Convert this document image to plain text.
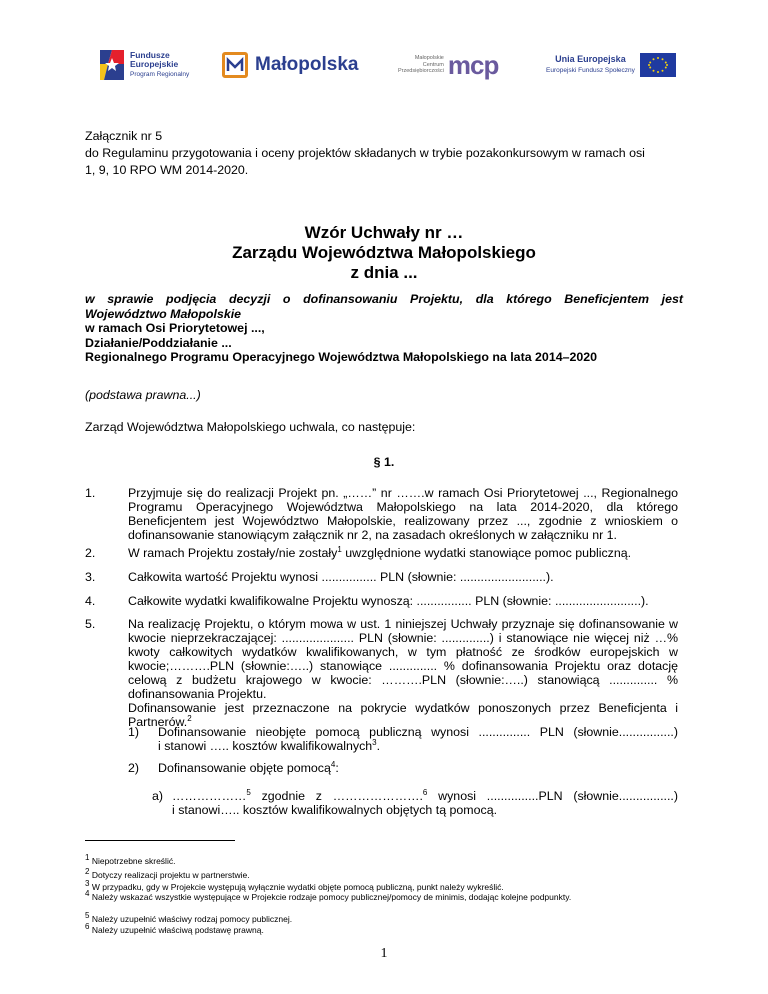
Fundusze
Europejskie
Program Regionalny	Małopolska	Małopolskie
Centrum
Przedsiębiorczości mcp	Unia Europejska
Europejski Fundusz Społeczny
Załącznik nr 5
do Regulaminu przygotowania i oceny projektów składanych w trybie pozakonkursowym w ramach osi
1, 9, 10 RPO WM 2014-2020.
Wzór Uchwały nr …
Zarządu Województwa Małopolskiego
z dnia ...
w sprawie podjęcia decyzji o dofinansowaniu Projektu, dla którego Beneficjentem jest
Województwo Małopolskie
w ramach Osi Priorytetowej ...,
Działanie/Poddziałanie ...
Regionalnego Programu Operacyjnego Województwa Małopolskiego na lata 2014–2020
(podstawa prawna...)
Zarząd Województwa Małopolskiego uchwala, co następuje:
§ 1.
1.	Przyjmuje się do realizacji Projekt pn. „……” nr …….w ramach Osi Priorytetowej ..., Regionalnego Programu Operacyjnego Województwa Małopolskiego na lata 2014-2020, dla którego Beneficjentem jest Województwo Małopolskie, realizowany przez ..., zgodnie z wnioskiem o dofinansowanie stanowiącym załącznik nr 2, na zasadach określonych w załączniku nr 1.
2.	W ramach Projektu zostały/nie zostały$^1$ uwzględnione wydatki stanowiące pomoc publiczną.
3.	Całkowita wartość Projektu wynosi ................ PLN (słownie: .........................).
4.	Całkowite wydatki kwalifikowalne Projektu wynoszą: ................ PLN (słownie: .........................).
5.	Na realizację Projektu, o którym mowa w ust. 1 niniejszej Uchwały przyznaje się dofinansowanie w kwocie nieprzekraczającej: ..................... PLN (słownie: ..............) i stanowiące nie więcej niż …% kwoty całkowitych wydatków kwalifikowanych, w tym płatność ze środków europejskich w kwocie;……….PLN (słownie:…..) stanowiące .............. % dofinansowania Projektu oraz dotację celową z budżetu krajowego w kwocie: ……….PLN (słownie:…..) stanowiącą .............. % dofinansowania Projektu.
Dofinansowanie jest przeznaczone na pokrycie wydatków ponoszonych przez Beneficjenta i Partnerów.$^2$
1) Dofinansowanie nieobjęte pomocą publiczną wynosi ............... PLN (słownie................)
i stanowi ….. kosztów kwalifikowalnych$^3$.
2) Dofinansowanie objęte pomocą$^4$:
a) ………………$^5$ zgodnie z ………………….$^6$ wynosi ...............PLN (słownie................)
i stanowi….. kosztów kwalifikowalnych objętych tą pomocą.
$^1$ Niepotrzebne skreślić.
$^2$ Dotyczy realizacji projektu w partnerstwie.
$^3$ W przypadku, gdy w Projekcie występują wyłącznie wydatki objęte pomocą publiczną, punkt należy wykreślić.
$^4$ Należy wskazać wszystkie występujące w Projekcie rodzaje pomocy publicznej/pomocy de minimis, dodając kolejne podpunkty.
$^5$ Należy uzupełnić właściwy rodzaj pomocy publicznej.
$^6$ Należy uzupełnić właściwą podstawę prawną.
1
